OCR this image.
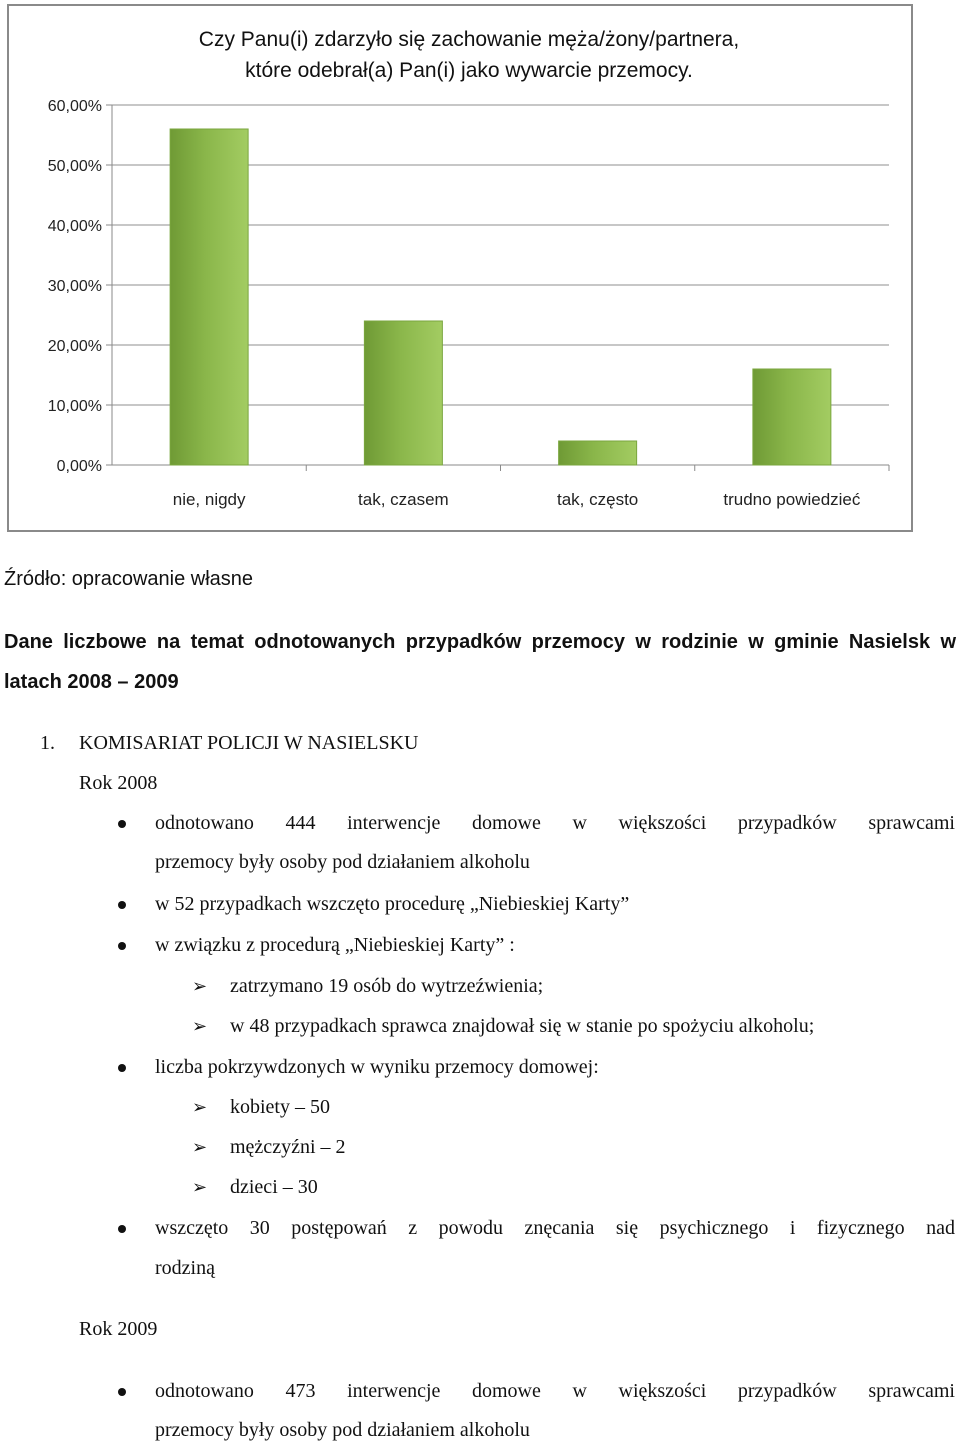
Czy Panu(i) zdarzyło się zachowanie męża/żony/partnera,
które odebrał(a) Pan(i) jako wywarcie przemocy.
0,00%
10,00%
20,00%
30,00%
40,00%
50,00%
60,00%
nie, nigdy	tak, czasem	tak, często	trudno powiedzieć
Źródło: opracowanie własne
Dane liczbowe na temat odnotowanych przypadków przemocy w rodzinie w gminie Nasielsk w
latach 2008 – 2009
1. KOMISARIAT POLICJI W NASIELSKU
Rok 2008
odnotowano 444 interwencje domowe w większości przypadków sprawcami
przemocy były osoby pod działaniem alkoholu
w 52 przypadkach wszczęto procedurę „Niebieskiej Karty”
w związku z procedurą „Niebieskiej Karty” :
➢ zatrzymano 19 osób do wytrzeźwienia;
➢ w 48 przypadkach sprawca znajdował się w stanie po spożyciu alkoholu;
liczba pokrzywdzonych w wyniku przemocy domowej:
➢ kobiety – 50
➢ mężczyźni – 2
➢ dzieci – 30
wszczęto 30 postępowań z powodu znęcania się psychicznego i fizycznego nad
rodziną
Rok 2009
odnotowano 473 interwencje domowe w większości przypadków sprawcami
przemocy były osoby pod działaniem alkoholu
